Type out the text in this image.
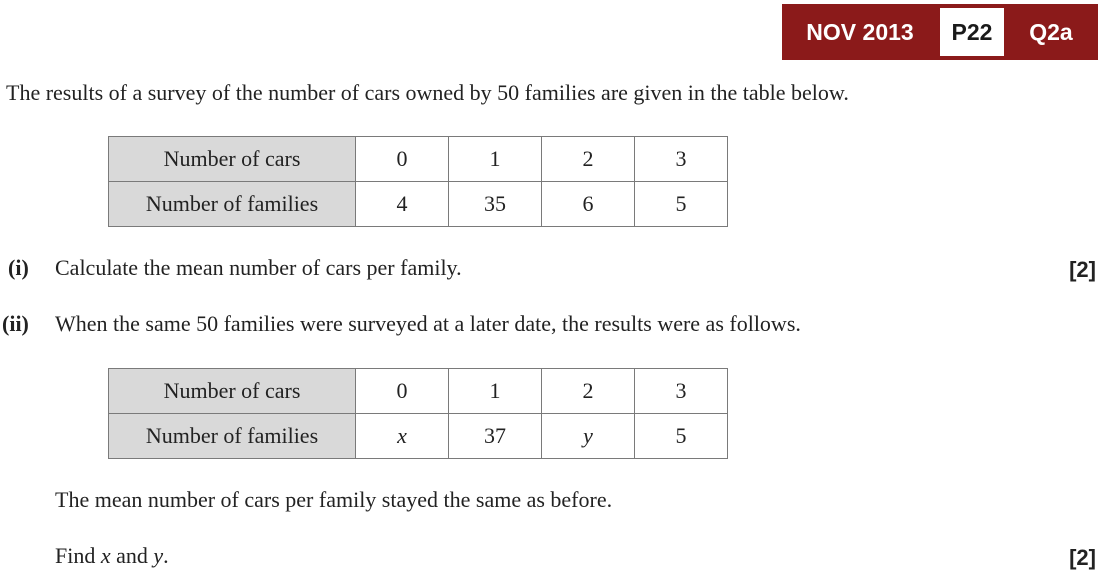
NOV 2013	P22	Q2a
The results of a survey of the number of cars owned by 50 families are given in the table below.
Number of cars	0	1	2	3
Number of families	4	35	6	5
(i) Calculate the mean number of cars per family.	[2]
(ii) When the same 50 families were surveyed at a later date, the results were as follows.
Number of cars	0	1	2	3
Number of families	x	37	y	5
The mean number of cars per family stayed the same as before.
Find x and y.	[2]
